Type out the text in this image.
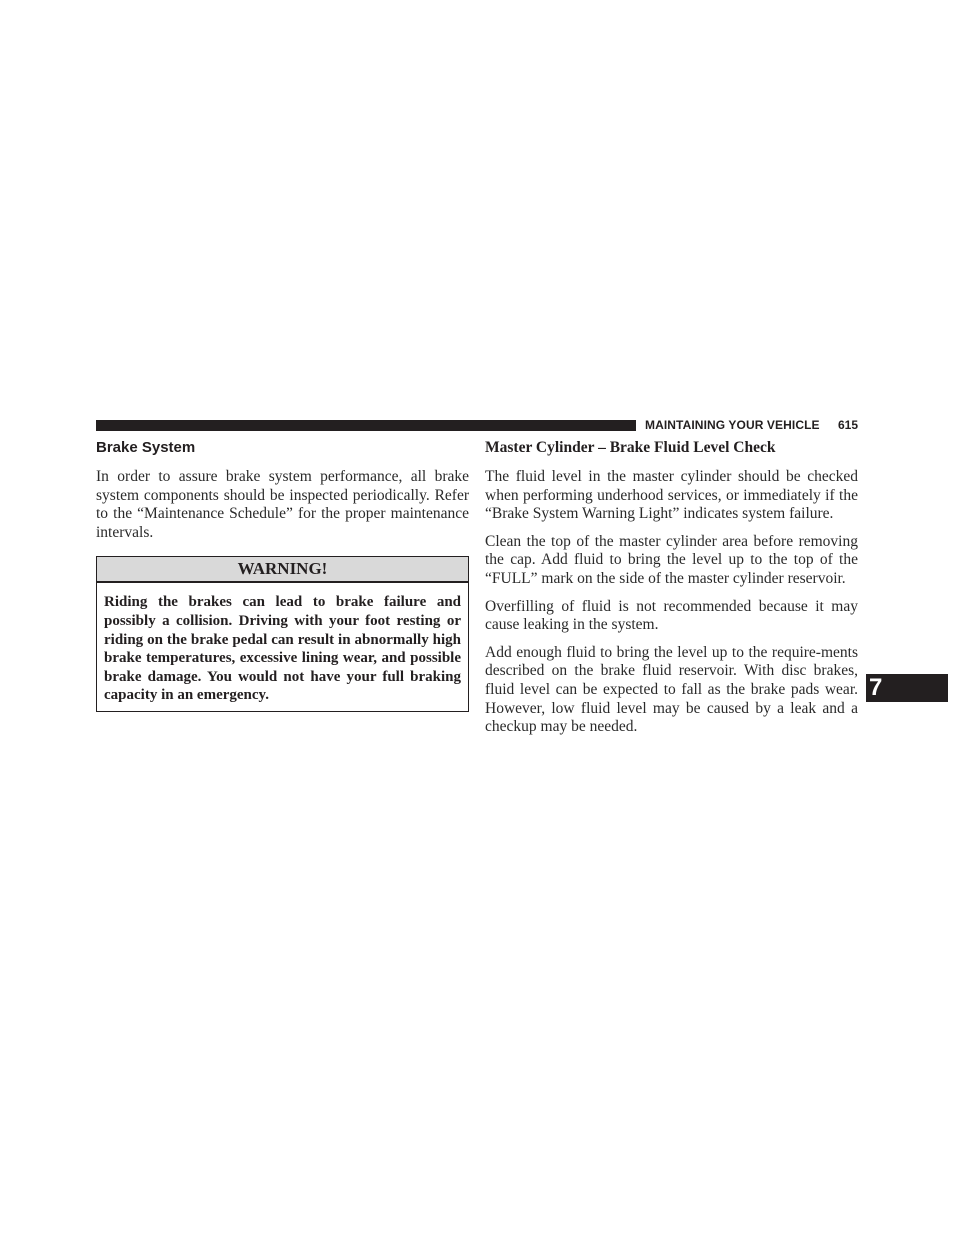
MAINTAINING YOUR VEHICLE 615
Brake System

In order to assure brake system performance, all brake system components should be inspected periodically. Refer to the “Maintenance Schedule” for the proper maintenance intervals.

WARNING!
Riding the brakes can lead to brake failure and possibly a collision. Driving with your foot resting or riding on the brake pedal can result in abnormally high brake temperatures, excessive lining wear, and possible brake damage. You would not have your full braking capacity in an emergency.
Master Cylinder – Brake Fluid Level Check

The fluid level in the master cylinder should be checked when performing underhood services, or immediately if the “Brake System Warning Light” indicates system failure.

Clean the top of the master cylinder area before removing the cap. Add fluid to bring the level up to the top of the “FULL” mark on the side of the master cylinder reservoir.

Overfilling of fluid is not recommended because it may cause leaking in the system.

Add enough fluid to bring the level up to the require-ments described on the brake fluid reservoir. With disc brakes, fluid level can be expected to fall as the brake pads wear. However, low fluid level may be caused by a leak and a checkup may be needed.

7
